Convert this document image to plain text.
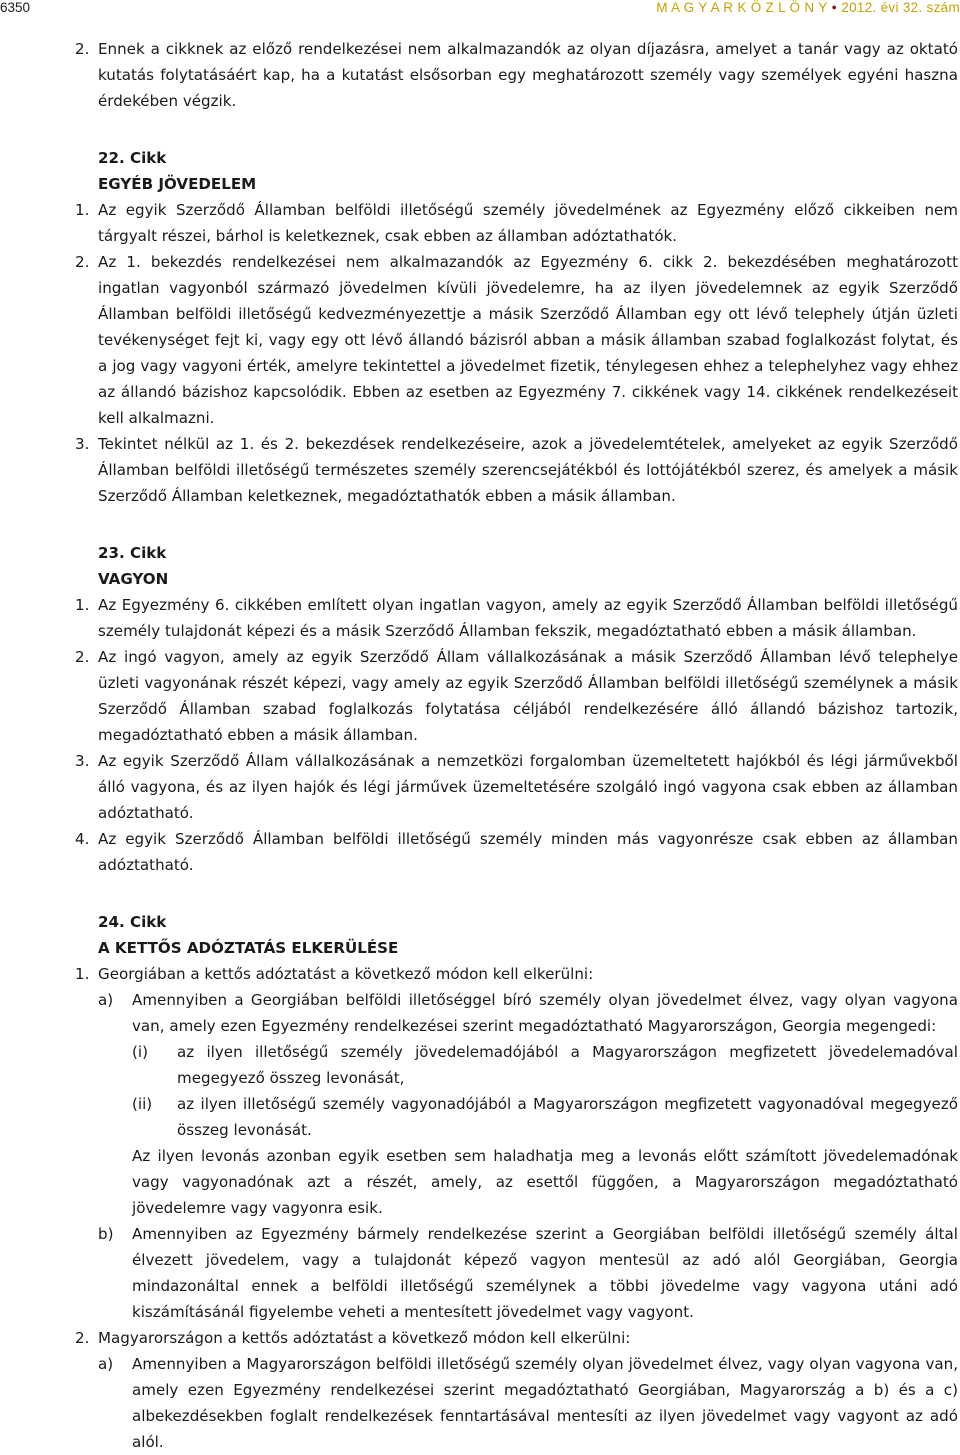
6350	M A G Y A R K Ö Z L Ö N Y ● 2012. évi 32. szám
2. Ennek a cikknek az előző rendelkezései nem alkalmazandók az olyan díjazásra, amelyet a tanár vagy az oktató kutatás folytatásáért kap, ha a kutatást elsősorban egy meghatározott személy vagy személyek egyéni haszna érdekében végzik.
22. Cikk
EGYÉB JÖVEDELEM
1. Az egyik Szerződő Államban belföldi illetőségű személy jövedelmének az Egyezmény előző cikkeiben nem tárgyalt részei, bárhol is keletkeznek, csak ebben az államban adóztathatók.
2. Az 1. bekezdés rendelkezései nem alkalmazandók az Egyezmény 6. cikk 2. bekezdésében meghatározott ingatlan vagyonból származó jövedelmen kívüli jövedelemre, ha az ilyen jövedelemnek az egyik Szerződő Államban belföldi illetőségű kedvezményezettje a másik Szerződő Államban egy ott lévő telephely útján üzleti tevékenységet fejt ki, vagy egy ott lévő állandó bázisról abban a másik államban szabad foglalkozást folytat, és a jog vagy vagyoni érték, amelyre tekintettel a jövedelmet fizetik, ténylegesen ehhez a telephelyhez vagy ehhez az állandó bázishoz kapcsolódik. Ebben az esetben az Egyezmény 7. cikkének vagy 14. cikkének rendelkezéseit kell alkalmazni.
3. Tekintet nélkül az 1. és 2. bekezdések rendelkezéseire, azok a jövedelemtételek, amelyeket az egyik Szerződő Államban belföldi illetőségű természetes személy szerencsejátékból és lottójátékból szerez, és amelyek a másik Szerződő Államban keletkeznek, megadóztathatók ebben a másik államban.
23. Cikk
VAGYON
1. Az Egyezmény 6. cikkében említett olyan ingatlan vagyon, amely az egyik Szerződő Államban belföldi illetőségű személy tulajdonát képezi és a másik Szerződő Államban fekszik, megadóztatható ebben a másik államban.
2. Az ingó vagyon, amely az egyik Szerződő Állam vállalkozásának a másik Szerződő Államban lévő telephelye üzleti vagyonának részét képezi, vagy amely az egyik Szerződő Államban belföldi illetőségű személynek a másik Szerződő Államban szabad foglalkozás folytatása céljából rendelkezésére álló állandó bázishoz tartozik, megadóztatható ebben a másik államban.
3. Az egyik Szerződő Állam vállalkozásának a nemzetközi forgalomban üzemeltetett hajókból és légi járművekből álló vagyona, és az ilyen hajók és légi járművek üzemeltetésére szolgáló ingó vagyona csak ebben az államban adóztatható.
4. Az egyik Szerződő Államban belföldi illetőségű személy minden más vagyonrésze csak ebben az államban adóztatható.
24. Cikk
A KETTŐS ADÓZTATÁS ELKERÜLÉSE
1. Georgiában a kettős adóztatást a következő módon kell elkerülni:
a)	Amennyiben a Georgiában belföldi illetőséggel bíró személy olyan jövedelmet élvez, vagy olyan vagyona van, amely ezen Egyezmény rendelkezései szerint megadóztatható Magyarországon, Georgia megengedi:
(i)	az ilyen illetőségű személy jövedelemadójából a Magyarországon megfizetett jövedelemadóval megegyező összeg levonását,
(ii)	az ilyen illetőségű személy vagyonadójából a Magyarországon megfizetett vagyonadóval megegyező összeg levonását.
Az ilyen levonás azonban egyik esetben sem haladhatja meg a levonás előtt számított jövedelemadónak vagy vagyonadónak azt a részét, amely, az esettől függően, a Magyarországon megadóztatható jövedelemre vagy vagyonra esik.
b)	Amennyiben az Egyezmény bármely rendelkezése szerint a Georgiában belföldi illetőségű személy által élvezett jövedelem, vagy a tulajdonát képező vagyon mentesül az adó alól Georgiában, Georgia mindazonáltal ennek a belföldi illetőségű személynek a többi jövedelme vagy vagyona utáni adó kiszámításánál figyelembe veheti a mentesített jövedelmet vagy vagyont.
2. Magyarországon a kettős adóztatást a következő módon kell elkerülni:
a)	Amennyiben a Magyarországon belföldi illetőségű személy olyan jövedelmet élvez, vagy olyan vagyona van, amely ezen Egyezmény rendelkezései szerint megadóztatható Georgiában, Magyarország a b) és a c) albekezdésekben foglalt rendelkezések fenntartásával mentesíti az ilyen jövedelmet vagy vagyont az adó alól.
